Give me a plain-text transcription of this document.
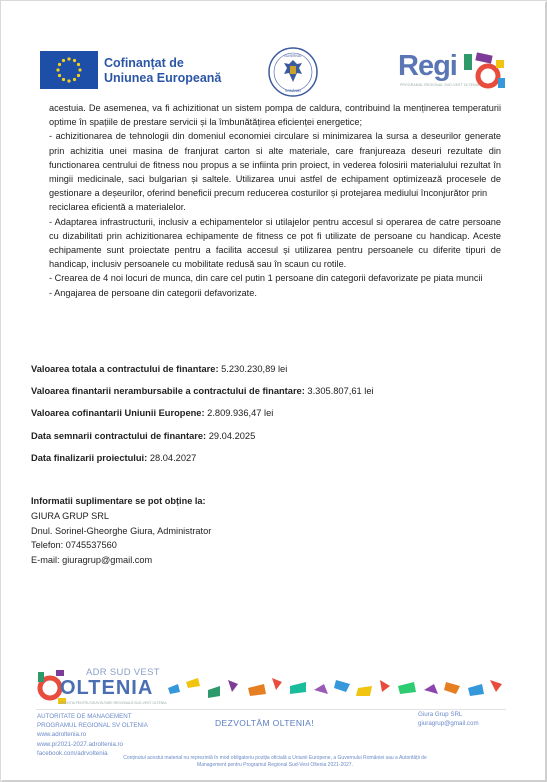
Cofinanțat de
Uniunea Europeană
GUVERNUL
ROMÂNIEI
Regi
PROGRAMUL REGIONAL SUD-VEST OLTENIA

acestuia. De asemenea, va fi achizitionat un sistem pompa de caldura, contribuind la menținerea temperaturii optime în spațiile de prestare servicii și la îmbunătățirea eficienței energetice;

- achizitionarea de tehnologii din domeniul economiei circulare si minimizarea la sursa a deseurilor generate prin achizitia unei masina de franjurat carton si alte materiale, care franjureaza deseuri rezultate din functionarea centrului de fitness nou propus a se infiinta prin proiect, in vederea folosirii materialului rezultat în mingii medicinale, saci bulgarian și saltele. Utilizarea unui astfel de echipament optimizează procesele de gestionare a deșeurilor, oferind beneficii precum reducerea costurilor și protejarea mediului înconjurător prin

reciclarea eficientă a materialelor.

- Adaptarea infrastructurii, inclusiv a echipamentelor si utilajelor pentru accesul si operarea de catre persoane cu dizabilitati prin achizitionarea echipamente de fitness ce pot fi utilizate de persoane cu handicap. Aceste echipamente sunt proiectate pentru a facilita accesul și utilizarea pentru persoanele cu diferite tipuri de handicap, inclusiv persoanele cu mobilitate redusă sau în scaun cu rotile.

- Crearea de 4 noi locuri de munca, din care cel putin 1 persoane din categorii defavorizate pe piata muncii

- Angajarea de persoane din categorii defavorizate.

Valoarea totala a contractului de finantare: 5.230.230,89 lei
Valoarea finantarii nerambursabile a contractului de finantare: 3.305.807,61 lei
Valoarea cofinantarii Uniunii Europene: 2.809.936,47 lei
Data semnarii contractului de finantare: 29.04.2025
Data finalizarii proiectului: 28.04.2027
Informatii suplimentare se pot obține la:
GIURA GRUP SRL
Dnul. Sorinel-Gheorghe Giura, Administrator
Telefon: 0745537560
E-mail: giuragrup@gmail.com
ADR SUD VEST
OLTENIA
AGENȚIA PENTRU DEZVOLTARE REGIONALĂ SUD-VEST OLTENIA
AUTORITATE DE MANAGEMENT
PROGRAMUL REGIONAL SV OLTENIA
www.adroltenia.ro
www.pr2021-2027.adroltenia.ro
facebook.com/adrvoltenia
DEZVOLTĂM OLTENIA!
Giura Grup SRL
giuragrup@gmail.com
Conținutul acestui material nu reprezintă în mod obligatoriu poziția oficială a Uniunii Europene, a Guvernului României sau a Autorității de Management pentru Programul Regional Sud-Vest Oltenia 2021-2027.
